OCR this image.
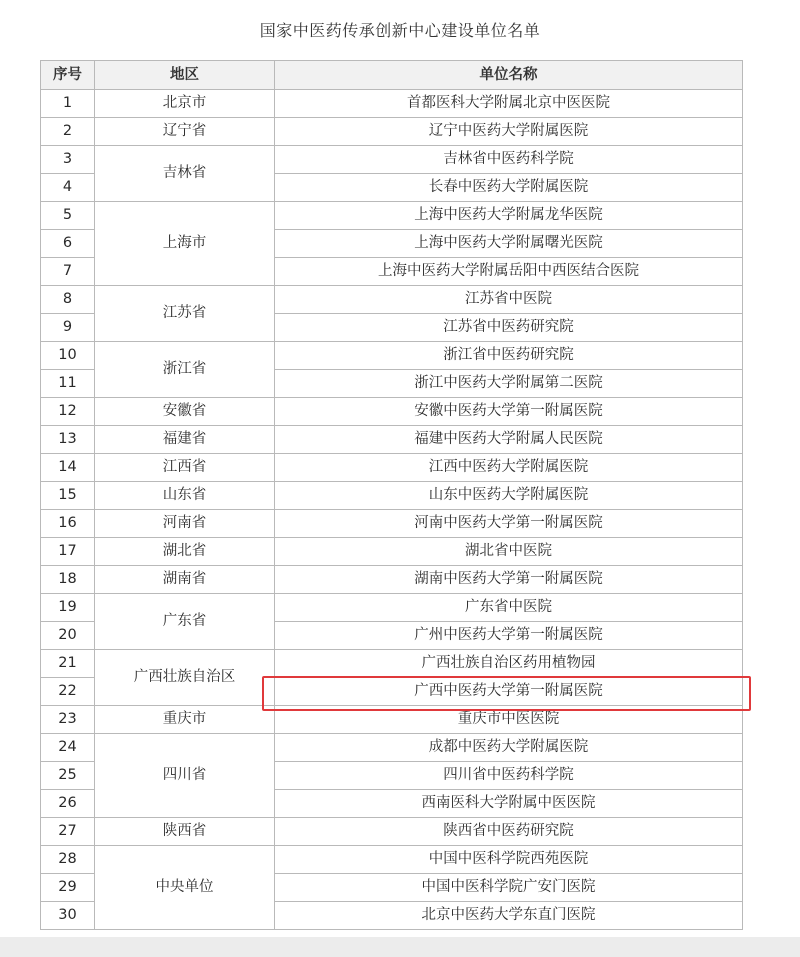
国家中医药传承创新中心建设单位名单
序号	地区	单位名称
1	北京市	首都医科大学附属北京中医医院
2	辽宁省	辽宁中医药大学附属医院
3	吉林省	吉林省中医药科学院
4		长春中医药大学附属医院
5	上海市	上海中医药大学附属龙华医院
6		上海中医药大学附属曙光医院
7		上海中医药大学附属岳阳中西医结合医院
8	江苏省	江苏省中医院
9		江苏省中医药研究院
10	浙江省	浙江省中医药研究院
11		浙江中医药大学附属第二医院
12	安徽省	安徽中医药大学第一附属医院
13	福建省	福建中医药大学附属人民医院
14	江西省	江西中医药大学附属医院
15	山东省	山东中医药大学附属医院
16	河南省	河南中医药大学第一附属医院
17	湖北省	湖北省中医院
18	湖南省	湖南中医药大学第一附属医院
19	广东省	广东省中医院
20		广州中医药大学第一附属医院
21	广西壮族自治区	广西壮族自治区药用植物园
22		广西中医药大学第一附属医院
23	重庆市	重庆市中医医院
24	四川省	成都中医药大学附属医院
25		四川省中医药科学院
26		西南医科大学附属中医医院
27	陕西省	陕西省中医药研究院
28	中央单位	中国中医科学院西苑医院
29		中国中医科学院广安门医院
30		北京中医药大学东直门医院
